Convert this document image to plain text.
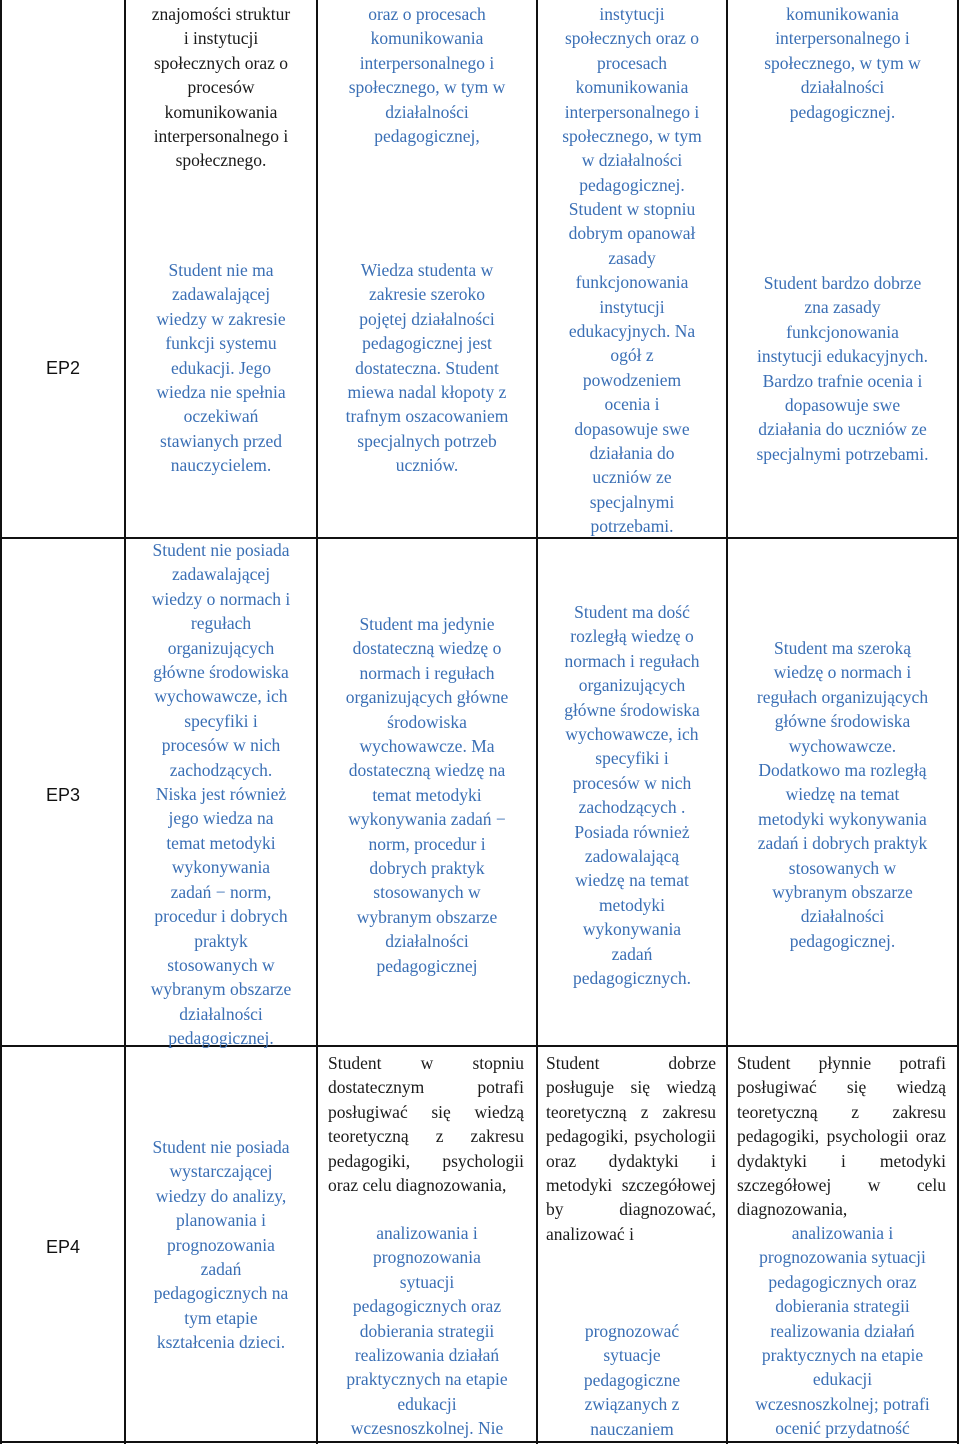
EP2
EP3
EP4
znajomości struktur
i instytucji
społecznych oraz o
procesów
komunikowania
interpersonalnego i
społecznego.
Student nie ma
zadawalającej
wiedzy w zakresie
funkcji systemu
edukacji. Jego
wiedza nie spełnia
oczekiwań
stawianych przed
nauczycielem.
Student nie posiada
zadawalającej
wiedzy o normach i
regułach
organizujących
główne środowiska
wychowawcze, ich
specyfiki i
procesów w nich
zachodzących.
Niska jest również
jego wiedza na
temat metodyki
wykonywania
zadań − norm,
procedur i dobrych
praktyk
stosowanych w
wybranym obszarze
działalności
pedagogicznej.
Student nie posiada
wystarczającej
wiedzy do analizy,
planowania i
prognozowania
zadań
pedagogicznych na
tym etapie
kształcenia dzieci.
oraz o procesach
komunikowania
interpersonalnego i
społecznego, w tym w
działalności
pedagogicznej,
Wiedza studenta w
zakresie szeroko
pojętej działalności
pedagogicznej jest
dostateczna. Student
miewa nadal kłopoty z
trafnym oszacowaniem
specjalnych potrzeb
uczniów.
Student ma jedynie
dostateczną wiedzę o
normach i regułach
organizujących główne
środowiska
wychowawcze. Ma
dostateczną wiedzę na
temat metodyki
wykonywania zadań −
norm, procedur i
dobrych praktyk
stosowanych w
wybranym obszarze
działalności
pedagogicznej
Student w stopniu dostatecznym potrafi posługiwać się wiedzą teoretyczną z zakresu pedagogiki, psychologii oraz celu diagnozowania,
analizowania i
prognozowania
sytuacji
pedagogicznych oraz
dobierania strategii
realizowania działań
praktycznych na etapie
edukacji
wczesnoszkolnej. Nie
instytucji
społecznych oraz o
procesach
komunikowania
interpersonalnego i
społecznego, w tym
w działalności
pedagogicznej.
Student w stopniu
dobrym opanował
zasady
funkcjonowania
instytucji
edukacyjnych. Na
ogół z
powodzeniem
ocenia i
dopasowuje swe
działania do
uczniów ze
specjalnymi
potrzebami.
Student ma dość
rozległą wiedzę o
normach i regułach
organizujących
główne środowiska
wychowawcze, ich
specyfiki i
procesów w nich
zachodzących .
Posiada również
zadowalającą
wiedzę na temat
metodyki
wykonywania
zadań
pedagogicznych.
Student dobrze posługuje się wiedzą teoretyczną z zakresu pedagogiki, psychologii oraz dydaktyki i metodyki szczegółowej by diagnozować, analizować i
prognozować
sytuacje
pedagogiczne
związanych z
nauczaniem
komunikowania
interpersonalnego i
społecznego, w tym w
działalności
pedagogicznej.
Student bardzo dobrze
zna zasady
funkcjonowania
instytucji edukacyjnych.
Bardzo trafnie ocenia i
dopasowuje swe
działania do uczniów ze
specjalnymi potrzebami.
Student ma szeroką
wiedzę o normach i
regułach organizujących
główne środowiska
wychowawcze.
Dodatkowo ma rozległą
wiedzę na temat
metodyki wykonywania
zadań i dobrych praktyk
stosowanych w
wybranym obszarze
działalności
pedagogicznej.
Student płynnie potrafi posługiwać się wiedzą teoretyczną z zakresu pedagogiki, psychologii oraz dydaktyki i metodyki szczegółowej w celu diagnozowania,
analizowania i
prognozowania sytuacji
pedagogicznych oraz
dobierania strategii
realizowania działań
praktycznych na etapie
edukacji
wczesnoszkolnej; potrafi
ocenić przydatność
